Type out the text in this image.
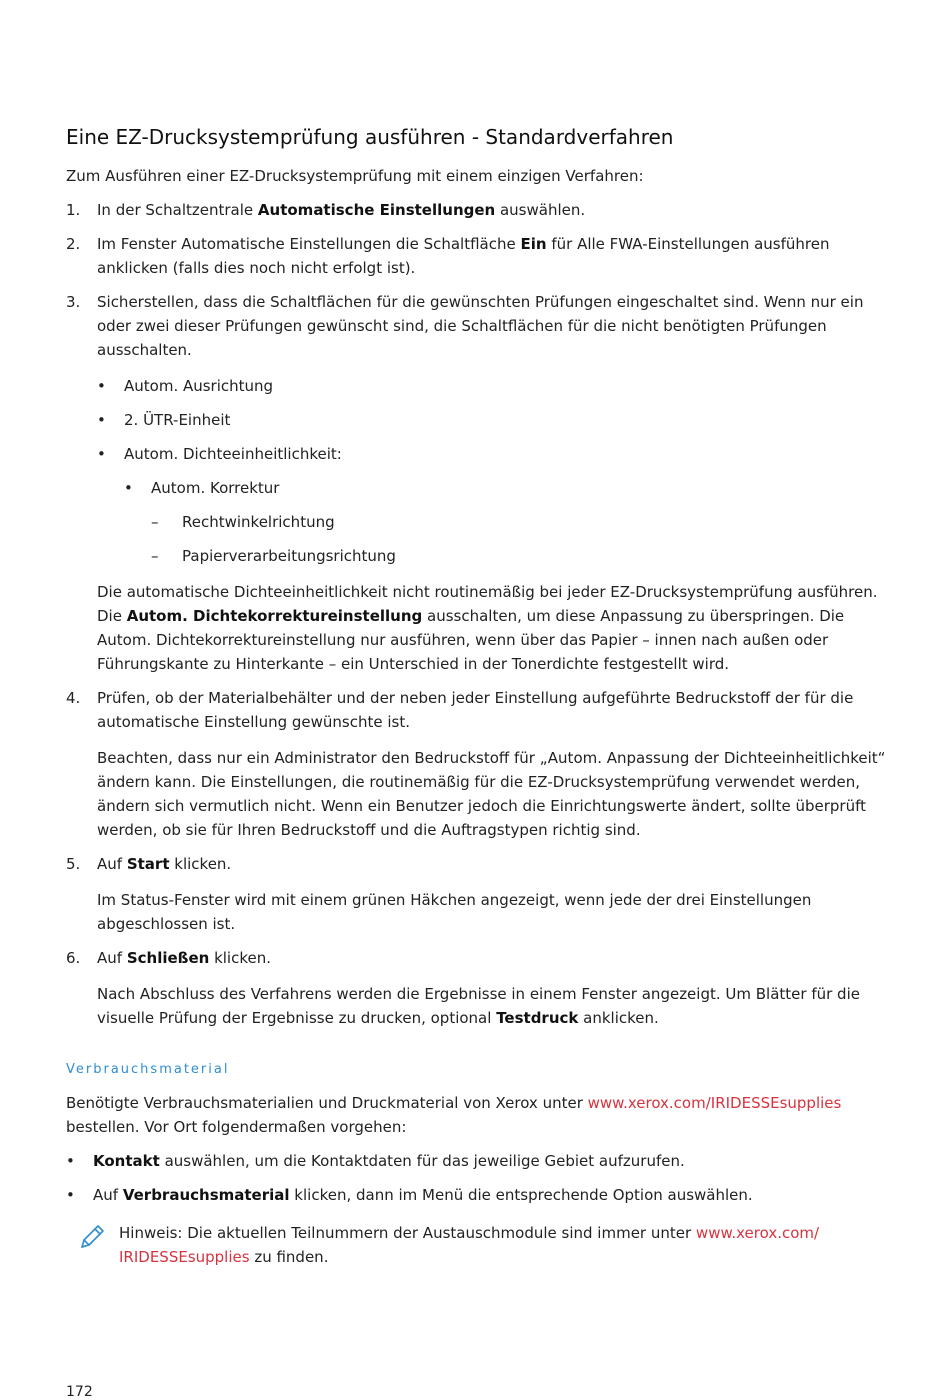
Eine EZ-Drucksystemprüfung ausführen - Standardverfahren

Zum Ausführen einer EZ-Drucksystemprüfung mit einem einzigen Verfahren:

1. In der Schaltzentrale Automatische Einstellungen auswählen.

2. Im Fenster Automatische Einstellungen die Schaltfläche Ein für Alle FWA-Einstellungen ausführen anklicken (falls dies noch nicht erfolgt ist).

3. Sicherstellen, dass die Schaltflächen für die gewünschten Prüfungen eingeschaltet sind. Wenn nur ein oder zwei dieser Prüfungen gewünscht sind, die Schaltflächen für die nicht benötigten Prüfungen ausschalten.

• Autom. Ausrichtung
• 2. ÜTR-Einheit
• Autom. Dichteeinheitlichkeit:
• Autom. Korrektur
– Rechtwinkelrichtung
– Papierverarbeitungsrichtung

Die automatische Dichteeinheitlichkeit nicht routinemäßig bei jeder EZ-Drucksystemprüfung ausführen. Die Autom. Dichtekorrektureinstellung ausschalten, um diese Anpassung zu überspringen. Die Autom. Dichtekorrektureinstellung nur ausführen, wenn über das Papier – innen nach außen oder Führungskante zu Hinterkante – ein Unterschied in der Tonerdichte festgestellt wird.

4. Prüfen, ob der Materialbehälter und der neben jeder Einstellung aufgeführte Bedruckstoff der für die automatische Einstellung gewünschte ist.

Beachten, dass nur ein Administrator den Bedruckstoff für „Autom. Anpassung der Dichteeinheitlichkeit“ ändern kann. Die Einstellungen, die routinemäßig für die EZ-Drucksystemprüfung verwendet werden, ändern sich vermutlich nicht. Wenn ein Benutzer jedoch die Einrichtungswerte ändert, sollte überprüft werden, ob sie für Ihren Bedruckstoff und die Auftragstypen richtig sind.

5. Auf Start klicken.

Im Status-Fenster wird mit einem grünen Häkchen angezeigt, wenn jede der drei Einstellungen abgeschlossen ist.

6. Auf Schließen klicken.

Nach Abschluss des Verfahrens werden die Ergebnisse in einem Fenster angezeigt. Um Blätter für die visuelle Prüfung der Ergebnisse zu drucken, optional Testdruck anklicken.

Verbrauchsmaterial

Benötigte Verbrauchsmaterialien und Druckmaterial von Xerox unter www.xerox.com/IRIDESSEsupplies bestellen. Vor Ort folgendermaßen vorgehen:

• Kontakt auswählen, um die Kontaktdaten für das jeweilige Gebiet aufzurufen.
• Auf Verbrauchsmaterial klicken, dann im Menü die entsprechende Option auswählen.

Hinweis: Die aktuellen Teilnummern der Austauschmodule sind immer unter www.xerox.com/ IRIDESSEsupplies zu finden.

172
